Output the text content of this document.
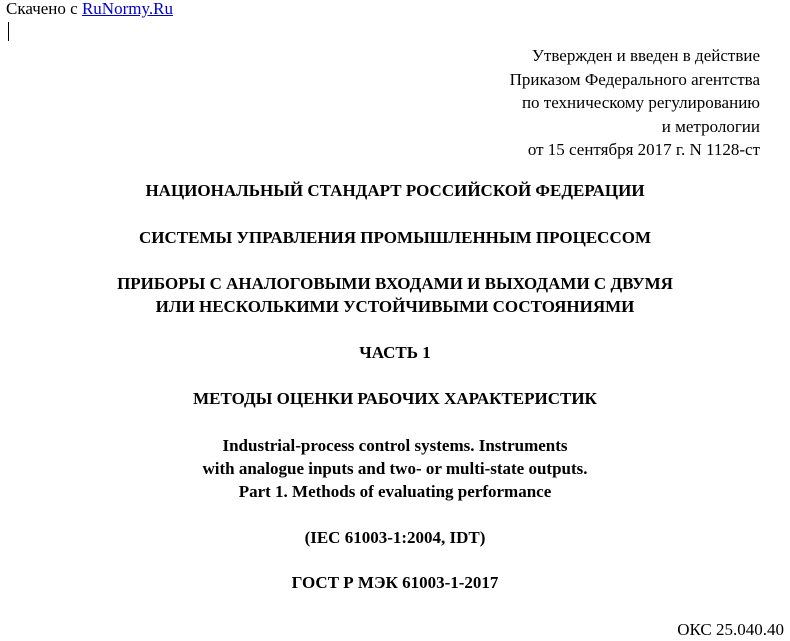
Скачено с RuNormy.Ru
Утвержден и введен в действие
Приказом Федерального агентства
по техническому регулированию
и метрологии
от 15 сентября 2017 г. N 1128-ст
НАЦИОНАЛЬНЫЙ СТАНДАРТ РОССИЙСКОЙ ФЕДЕРАЦИИ
СИСТЕМЫ УПРАВЛЕНИЯ ПРОМЫШЛЕННЫМ ПРОЦЕССОМ
ПРИБОРЫ С АНАЛОГОВЫМИ ВХОДАМИ И ВЫХОДАМИ С ДВУМЯ
ИЛИ НЕСКОЛЬКИМИ УСТОЙЧИВЫМИ СОСТОЯНИЯМИ
ЧАСТЬ 1
МЕТОДЫ ОЦЕНКИ РАБОЧИХ ХАРАКТЕРИСТИК
Industrial-process control systems. Instruments
with analogue inputs and two- or multi-state outputs.
Part 1. Methods of evaluating performance
(IEC 61003-1:2004, IDT)
ГОСТ Р МЭК 61003-1-2017
ОКС 25.040.40
